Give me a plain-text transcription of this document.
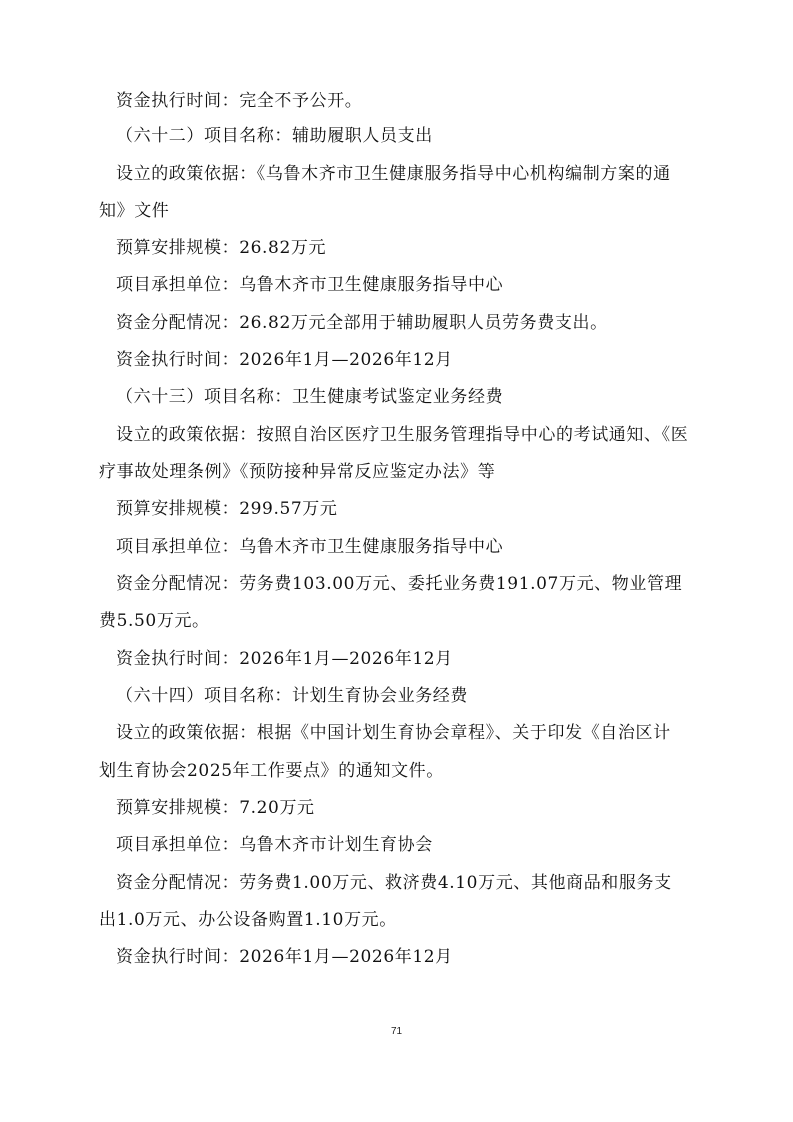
资金执行时间：完全不予公开。

（六十二）项目名称：辅助履职人员支出

设立的政策依据：《乌鲁木齐市卫生健康服务指导中心机构编制方案的通

知》文件

预算安排规模：26.82万元

项目承担单位：乌鲁木齐市卫生健康服务指导中心

资金分配情况：26.82万元全部用于辅助履职人员劳务费支出。

资金执行时间：2026年1月—2026年12月

（六十三）项目名称：卫生健康考试鉴定业务经费

设立的政策依据：按照自治区医疗卫生服务管理指导中心的考试通知、《医

疗事故处理条例》《预防接种异常反应鉴定办法》等

预算安排规模：299.57万元

项目承担单位：乌鲁木齐市卫生健康服务指导中心

资金分配情况：劳务费103.00万元、委托业务费191.07万元、物业管理

费5.50万元。

资金执行时间：2026年1月—2026年12月

（六十四）项目名称：计划生育协会业务经费

设立的政策依据：根据《中国计划生育协会章程》、关于印发《自治区计

划生育协会2025年工作要点》的通知文件。

预算安排规模：7.20万元

项目承担单位：乌鲁木齐市计划生育协会

资金分配情况：劳务费1.00万元、救济费4.10万元、其他商品和服务支

出1.0万元、办公设备购置1.10万元。

资金执行时间：2026年1月—2026年12月

71
